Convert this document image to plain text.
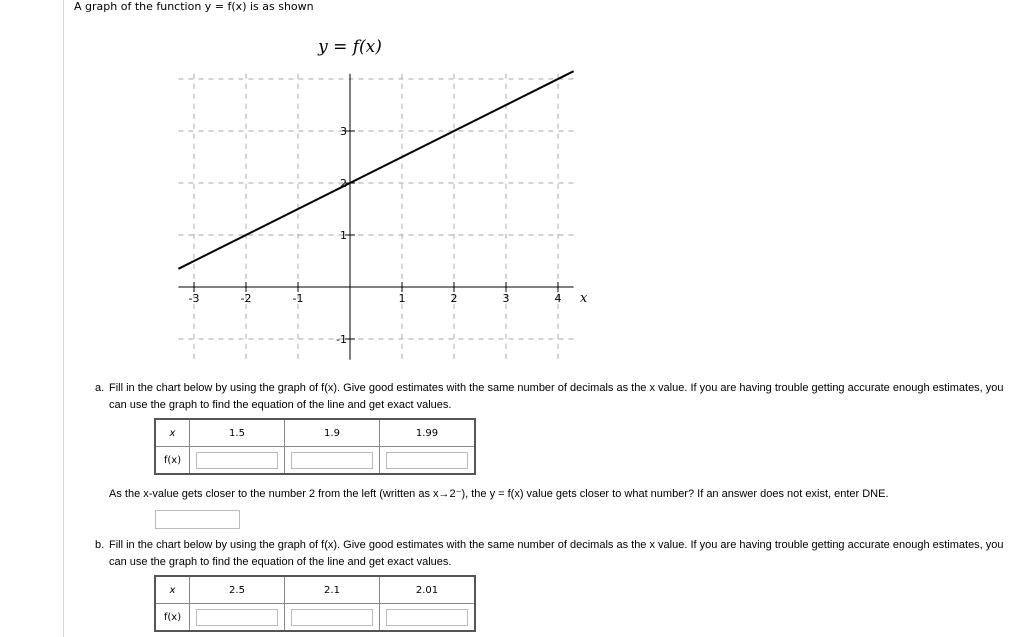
A graph of the function y = f(x) is as shown
y = f(x)
-3	-2	-1	1	2	3	4
3
2
1
-1
x
a. Fill in the chart below by using the graph of f(x). Give good estimates with the same number of decimals as the x value. If you are having trouble getting accurate enough estimates, you can use the graph to find the equation of the line and get exact values.
x	1.5	1.9	1.99
f(x)			
As the x-value gets closer to the number 2 from the left (written as x→2⁻), the y = f(x) value gets closer to what number? If an answer does not exist, enter DNE.
b. Fill in the chart below by using the graph of f(x). Give good estimates with the same number of decimals as the x value. If you are having trouble getting accurate enough estimates, you can use the graph to find the equation of the line and get exact values.
x	2.5	2.1	2.01
f(x)			
